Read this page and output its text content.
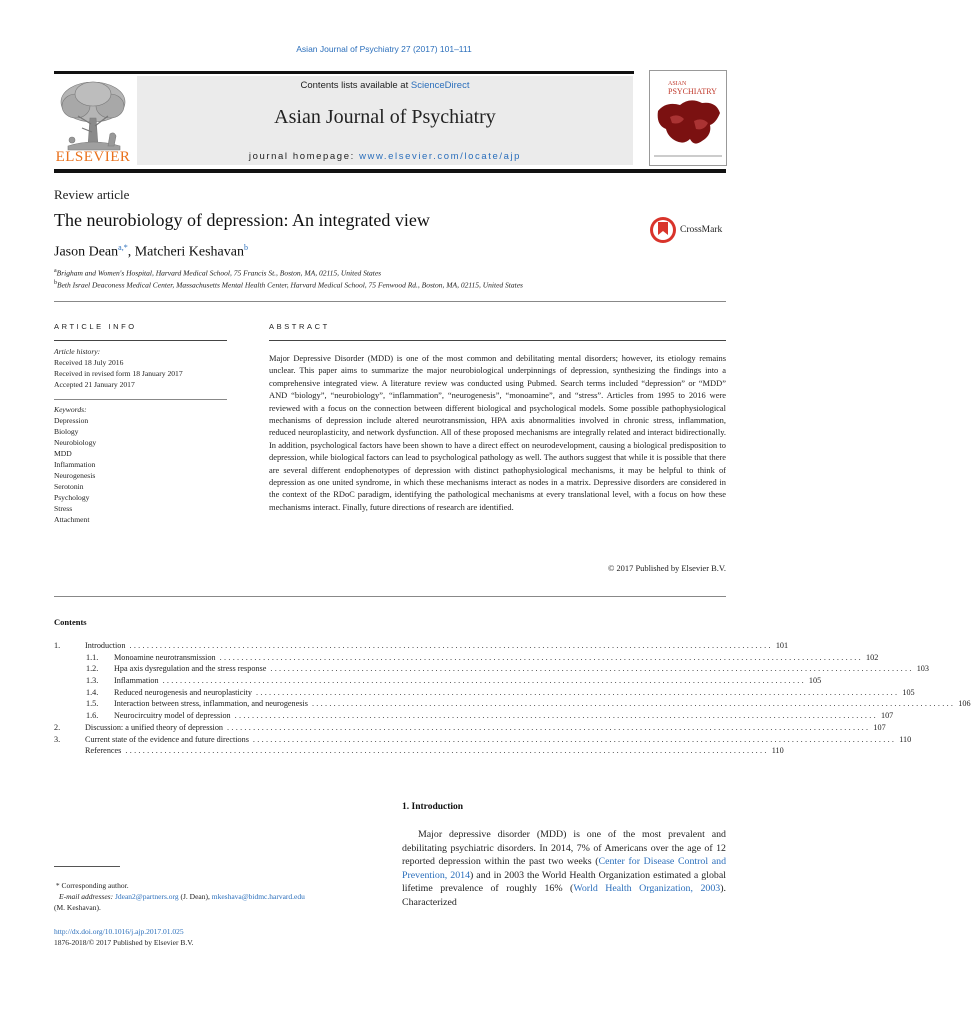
Asian Journal of Psychiatry 27 (2017) 101–111
ELSEVIER
Contents lists available at ScienceDirect
Asian Journal of Psychiatry
journal homepage: www.elsevier.com/locate/ajp
ASIAN
PSYCHIATRY
Review article
The neurobiology of depression: An integrated view
Jason Dean$^{a,*}$, Matcheri Keshavan$^b$
CrossMark
$^a$Brigham and Women's Hospital, Harvard Medical School, 75 Francis St., Boston, MA, 02115, United States
$^b$Beth Israel Deaconess Medical Center, Massachusetts Mental Health Center, Harvard Medical School, 75 Fenwood Rd., Boston, MA, 02115, United States
ARTICLE INFO	ABSTRACT
Article history:
Received 18 July 2016
Received in revised form 18 January 2017
Accepted 21 January 2017
Keywords:
Depression
Biology
Neurobiology
MDD
Inflammation
Neurogenesis
Serotonin
Psychology
Stress
Attachment
Major Depressive Disorder (MDD) is one of the most common and debilitating mental disorders; however, its etiology remains unclear. This paper aims to summarize the major neurobiological underpinnings of depression, synthesizing the findings into a comprehensive integrated view. A literature review was conducted using Pubmed. Search terms included “depression” or “MDD” AND “biology”, “neurobiology”, “inflammation”, “neurogenesis”, “monoamine”, and “stress”. Articles from 1995 to 2016 were reviewed with a focus on the connection between different biological and psychological models. Some possible pathophysiological mechanisms of depression include altered neurotransmission, HPA axis abnormalities involved in chronic stress, inflammation, reduced neuroplasticity, and network dysfunction. All of these proposed mechanisms are integrally related and interact bidirectionally. In addition, psychological factors have been shown to have a direct effect on neurodevelopment, causing a biological predisposition to depression, while biological factors can lead to psychological pathology as well. The authors suggest that while it is possible that there are several different endophenotypes of depression with distinct pathophysiological mechanisms, it may be helpful to think of depression as one united syndrome, in which these mechanisms interact as nodes in a matrix. Depressive disorders are considered in the context of the RDoC paradigm, identifying the pathological mechanisms at every translational level, with a focus on how these mechanisms interact. Finally, future directions of research are identified.
© 2017 Published by Elsevier B.V.
Contents
1.	Introduction .................................................................................................................................................... 101
1.1.	Monoamine neurotransmission .................................................................................................................................................... 102
1.2.	Hpa axis dysregulation and the stress response .................................................................................................................................................... 103
1.3.	Inflammation .................................................................................................................................................... 105
1.4.	Reduced neurogenesis and neuroplasticity .................................................................................................................................................... 105
1.5.	Interaction between stress, inflammation, and neurogenesis .................................................................................................................................................... 106
1.6.	Neurocircuitry model of depression .................................................................................................................................................... 107
2.	Discussion: a unified theory of depression .................................................................................................................................................... 107
3.	Current state of the evidence and future directions .................................................................................................................................................... 110
References .................................................................................................................................................... 110
1. Introduction
Major depressive disorder (MDD) is one of the most prevalent and debilitating psychiatric disorders. In 2014, 7% of Americans over the age of 12 reported depression within the past two weeks (Center for Disease Control and Prevention, 2014) and in 2003 the World Health Organization estimated a global lifetime prevalence of roughly 16% (World Health Organization, 2003). Characterized
* Corresponding author.
E-mail addresses: Jdean2@partners.org (J. Dean), mkeshava@bidmc.harvard.edu
(M. Keshavan).
http://dx.doi.org/10.1016/j.ajp.2017.01.025
1876-2018/© 2017 Published by Elsevier B.V.
